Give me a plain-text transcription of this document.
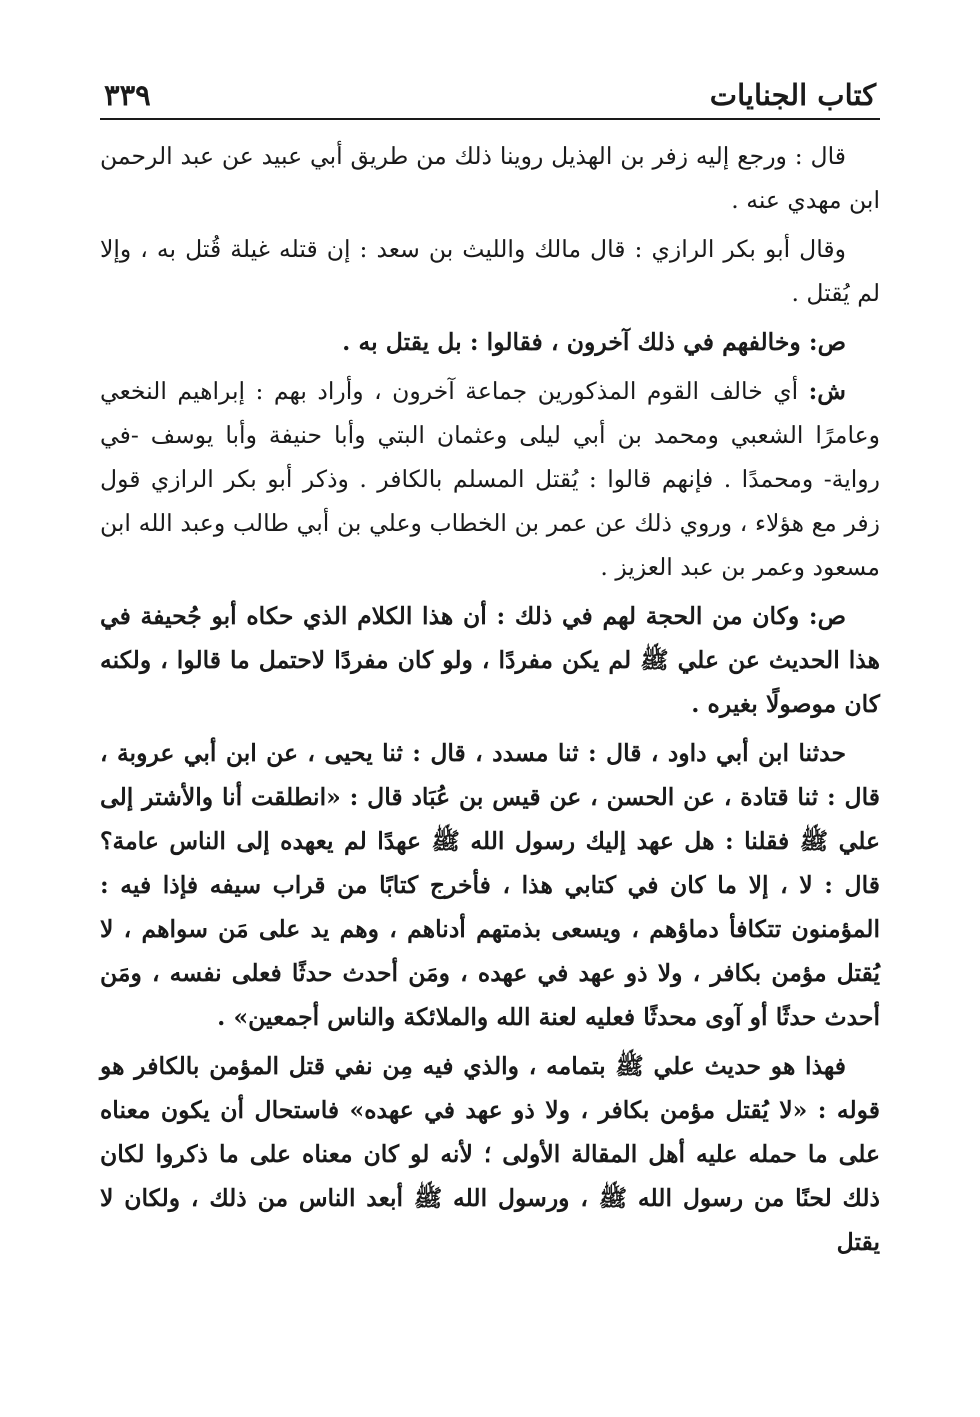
كتاب الجنايات
٣٣٩

قال : ورجع إليه زفر بن الهذيل روينا ذلك من طريق أبي عبيد عن عبد الرحمن ابن مهدي عنه .

وقال أبو بكر الرازي : قال مالك والليث بن سعد : إن قتله غيلة قُتل به ، وإلا لم يُقتل .

ص: وخالفهم في ذلك آخرون ، فقالوا : بل يقتل به .

ش: أي خالف القوم المذكورين جماعة آخرون ، وأراد بهم : إبراهيم النخعي وعامرًا الشعبي ومحمد بن أبي ليلى وعثمان البتي وأبا حنيفة وأبا يوسف -في رواية- ومحمدًا . فإنهم قالوا : يُقتل المسلم بالكافر . وذكر أبو بكر الرازي قول زفر مع هؤلاء ، وروي ذلك عن عمر بن الخطاب وعلي بن أبي طالب وعبد الله ابن مسعود وعمر بن عبد العزيز .

ص: وكان من الحجة لهم في ذلك : أن هذا الكلام الذي حكاه أبو جُحيفة في هذا الحديث عن علي ﷺ لم يكن مفردًا ، ولو كان مفردًا لاحتمل ما قالوا ، ولكنه كان موصولًا بغيره .

حدثنا ابن أبي داود ، قال : ثنا مسدد ، قال : ثنا يحيى ، عن ابن أبي عروبة ، قال : ثنا قتادة ، عن الحسن ، عن قيس بن عُبَاد قال : «انطلقت أنا والأشتر إلى علي ﷺ فقلنا : هل عهد إليك رسول الله ﷺ عهدًا لم يعهده إلى الناس عامة؟ قال : لا ، إلا ما كان في كتابي هذا ، فأخرج كتابًا من قراب سيفه فإذا فيه : المؤمنون تتكافأ دماؤهم ، ويسعى بذمتهم أدناهم ، وهم يد على مَن سواهم ، لا يُقتل مؤمن بكافر ، ولا ذو عهد في عهده ، ومَن أحدث حدثًا فعلى نفسه ، ومَن أحدث حدثًا أو آوى محدثًا فعليه لعنة الله والملائكة والناس أجمعين» .

فهذا هو حديث علي ﷺ بتمامه ، والذي فيه مِن نفي قتل المؤمن بالكافر هو قوله : «لا يُقتل مؤمن بكافر ، ولا ذو عهد في عهده» فاستحال أن يكون معناه على ما حمله عليه أهل المقالة الأولى ؛ لأنه لو كان معناه على ما ذكروا لكان ذلك لحنًا من رسول الله ﷺ ، ورسول الله ﷺ أبعد الناس من ذلك ، ولكان لا يقتل
